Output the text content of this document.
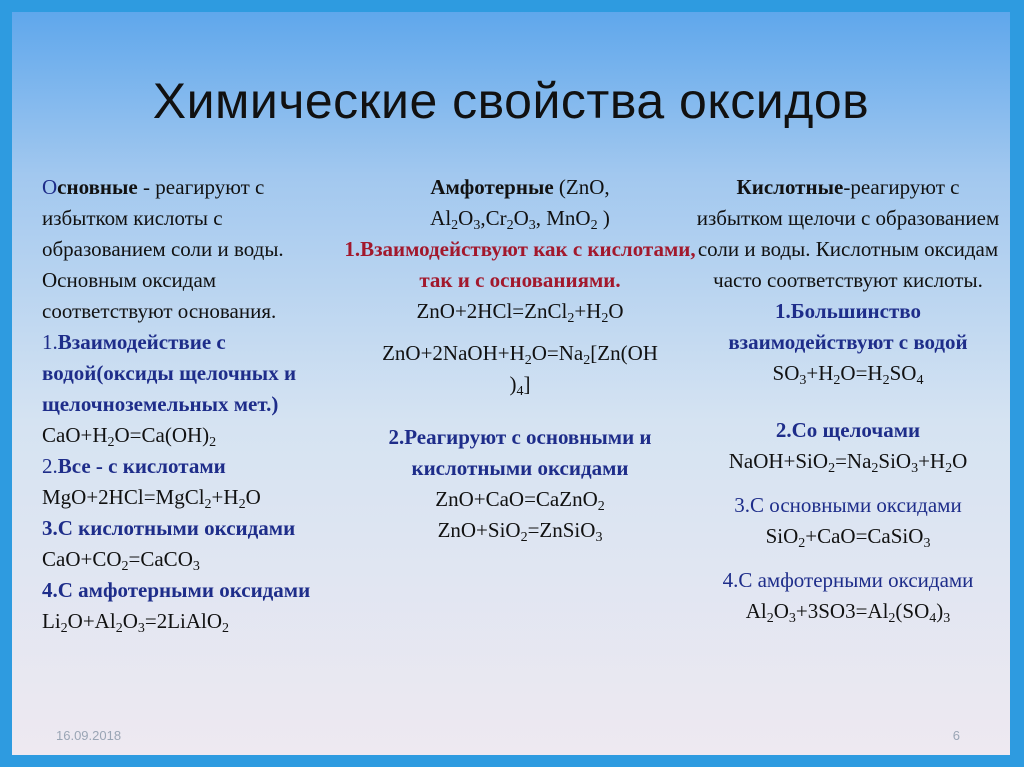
Химические свойства оксидов
Основные - реагируют с избытком кислоты с образованием соли и воды. Основным оксидам соответствуют основания.
1.Взаимодействие с водой(оксиды щелочных и щелочноземельных мет.)
$CaO+H_2O=Ca(OH)_2$
2.Все - с кислотами
$MgO+2HCl=MgCl_2+H_2O$
3.С кислотными оксидами
$CaO+CO_2=CaCO_3$
4.С амфотерными оксидами
$Li_2O+Al_2O_3=2LiAlO_2$
Амфотерные (ZnO,
$Al_2O_3,Cr_2O_3$, MnO$_2$ )
1.Взаимодействуют как с кислотами, так и с основаниями.
$ZnO+2HCl=ZnCl_2+H_2O$
$ZnO+2NaOH+H_2O=Na_2[Zn(OH$
)$_4$]
2.Реагируют с основными и кислотными оксидами
ZnO+CaO=CaZnO$_2$
ZnO+SiO$_2$=ZnSiO$_3$
Кислотные-реагируют с избытком щелочи с образованием соли и воды. Кислотным оксидам часто соответствуют кислоты.
1.Большинство взаимодействуют с водой
$SO_3+H_2O=H_2SO_4$
2.Со щелочами
$NaOH+SiO_2=Na_2SiO_3+H_2O$
3.С основными оксидами
SiO$_2$+CaO=CaSiO$_3$
4.С амфотерными оксидами
$Al_2O_3+3SO3=Al_2(SO_4)_3$
16.09.2018	6
